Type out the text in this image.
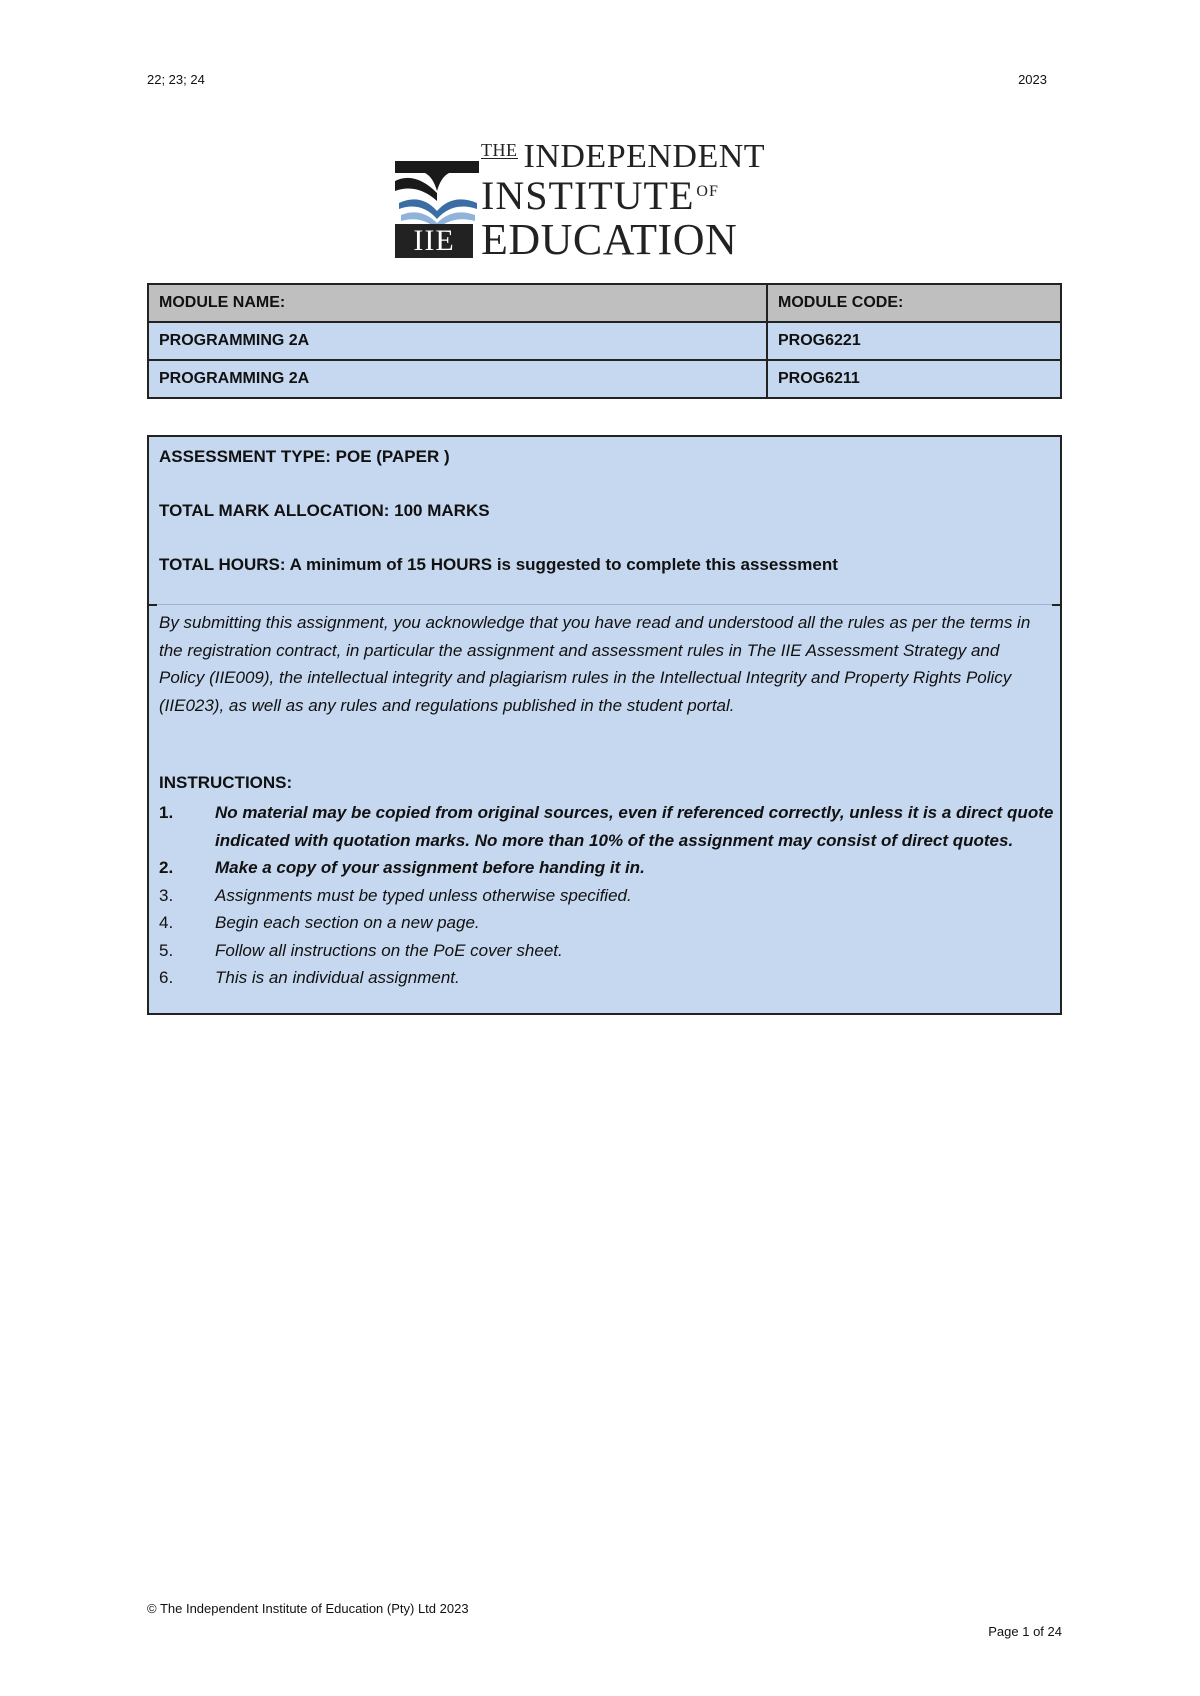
22; 23; 24	2023
IIE
THE INDEPENDENT
INSTITUTE OF
EDUCATION
MODULE NAME:	MODULE CODE:
PROGRAMMING 2A	PROG6221
PROGRAMMING 2A	PROG6211
ASSESSMENT TYPE: POE (PAPER )
TOTAL MARK ALLOCATION: 100 MARKS
TOTAL HOURS: A minimum of 15 HOURS is suggested to complete this assessment
By submitting this assignment, you acknowledge that you have read and understood all the rules as per the terms in the registration contract, in particular the assignment and assessment rules in The IIE Assessment Strategy and Policy (IIE009), the intellectual integrity and plagiarism rules in the Intellectual Integrity and Property Rights Policy (IIE023), as well as any rules and regulations published in the student portal.
INSTRUCTIONS:
1. No material may be copied from original sources, even if referenced correctly, unless it is a direct quote indicated with quotation marks. No more than 10% of the assignment may consist of direct quotes.
2. Make a copy of your assignment before handing it in.
3. Assignments must be typed unless otherwise specified.
4. Begin each section on a new page.
5. Follow all instructions on the PoE cover sheet.
6. This is an individual assignment.
© The Independent Institute of Education (Pty) Ltd 2023
Page 1 of 24
